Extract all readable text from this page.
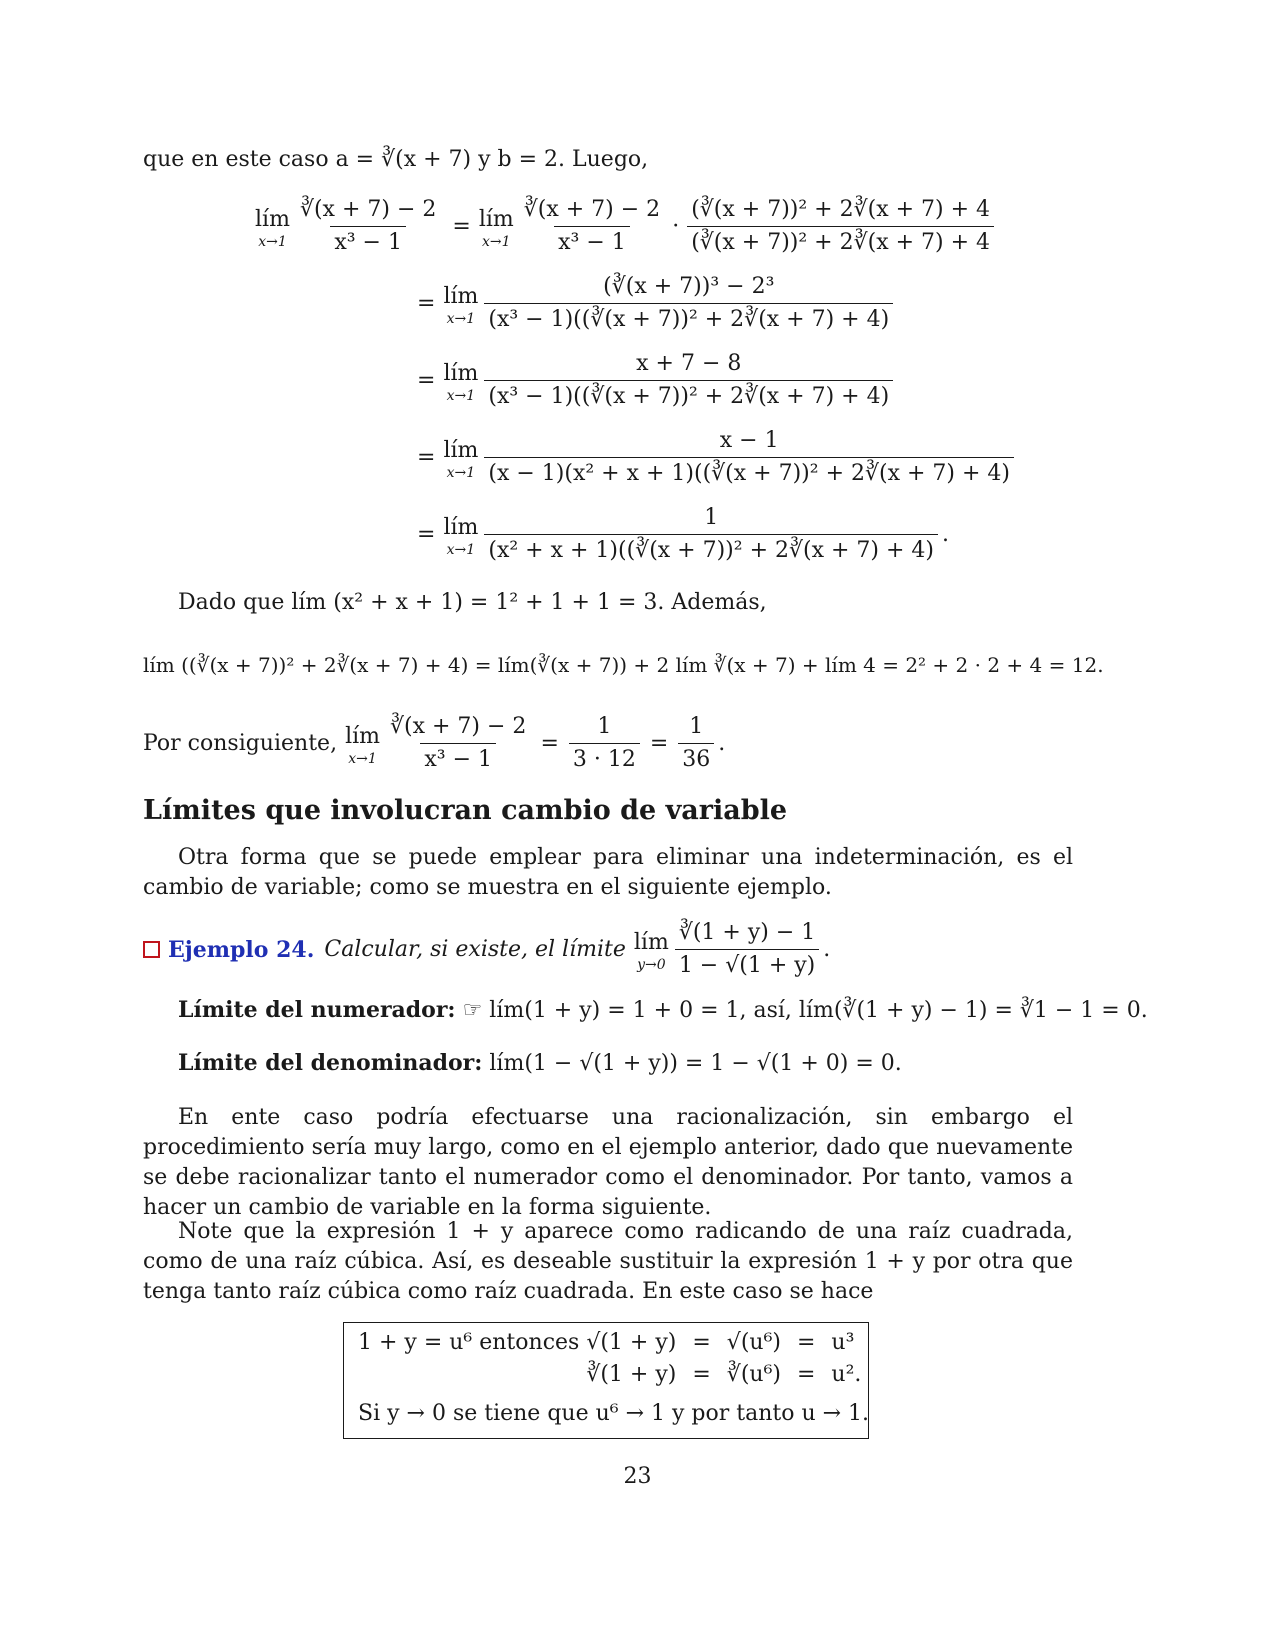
que en este caso a = ∛(x + 7) y b = 2. Luego,
lím
$x\to 1 \frac{∛(x + 7) - 2}{\text{x³ − 1}}$ = lím
$x\to 1 \frac{∛(x + 7) - 2}{\text{x³ − 1}} \cdot \frac{\text{(∛(x + 7))² + 2∛(x + 7) + 4}}{\text{(∛(x + 7))² + 2∛(x + 7) + 4}}$
= lím
$x\to 1 \frac{\text{(∛(x + 7))³ − 2³}}{\text{(x³ − 1)((∛(x + 7))² + 2∛(x + 7) + 4)}}$
= lím
$x\to 1 \frac{x + 7 - 8}{\text{(x³ − 1)((∛(x + 7))² + 2∛(x + 7) + 4)}}$
= lím
$x\to 1 \frac{x - 1}{\text{(x − 1)(x² + x + 1)((∛(x + 7))² + 2∛(x + 7) + 4)}}$
= lím
$x\to 1 \frac{1}{\text{(x² + x + 1)((∛(x + 7))² + 2∛(x + 7) + 4)}}$ .
Dado que lím (x² + x + 1) = 1² + 1 + 1 = 3. Además,
lím ((∛(x + 7))² + 2∛(x + 7) + 4) = lím(∛(x + 7)) + 2 lím ∛(x + 7) + lím 4 = 2² + 2 · 2 + 4 = 12.
Por consiguiente, lím
$x\to 1 \frac{∛(x + 7) - 2}{\text{x³ − 1}} = \frac{1}{3 \cdot 12} = \frac{1}{36}$ .
Límites que involucran cambio de variable
Otra forma que se puede emplear para eliminar una indeterminación, es el cambio de variable; como se muestra en el siguiente ejemplo.
Ejemplo 24. Calcular, si existe, el límite lím
$y\to 0 \frac{∛(1 + y) - 1}{1 - √(1 + y)}$ .
Límite del numerador: ☞ lím(1 + y) = 1 + 0 = 1, así, lím(∛(1 + y) − 1) = ∛1 − 1 = 0.
Límite del denominador: lím(1 − √(1 + y)) = 1 − √(1 + 0) = 0.
En ente caso podría efectuarse una racionalización, sin embargo el procedimiento sería muy largo, como en el ejemplo anterior, dado que nuevamente se debe racionalizar tanto el numerador como el denominador. Por tanto, vamos a hacer un cambio de variable en la forma siguiente.
Note que la expresión 1 + y aparece como radicando de una raíz cuadrada, como de una raíz cúbica. Así, es deseable sustituir la expresión 1 + y por otra que tenga tanto raíz cúbica como raíz cuadrada. En este caso se hace
1 + y = u⁶ entonces √(1 + y)	=	√(u⁶)	=	u³
∛(1 + y)	=	∛(u⁶)	=	u².
Si y → 0 se tiene que u⁶ → 1 y por tanto u → 1.
23
